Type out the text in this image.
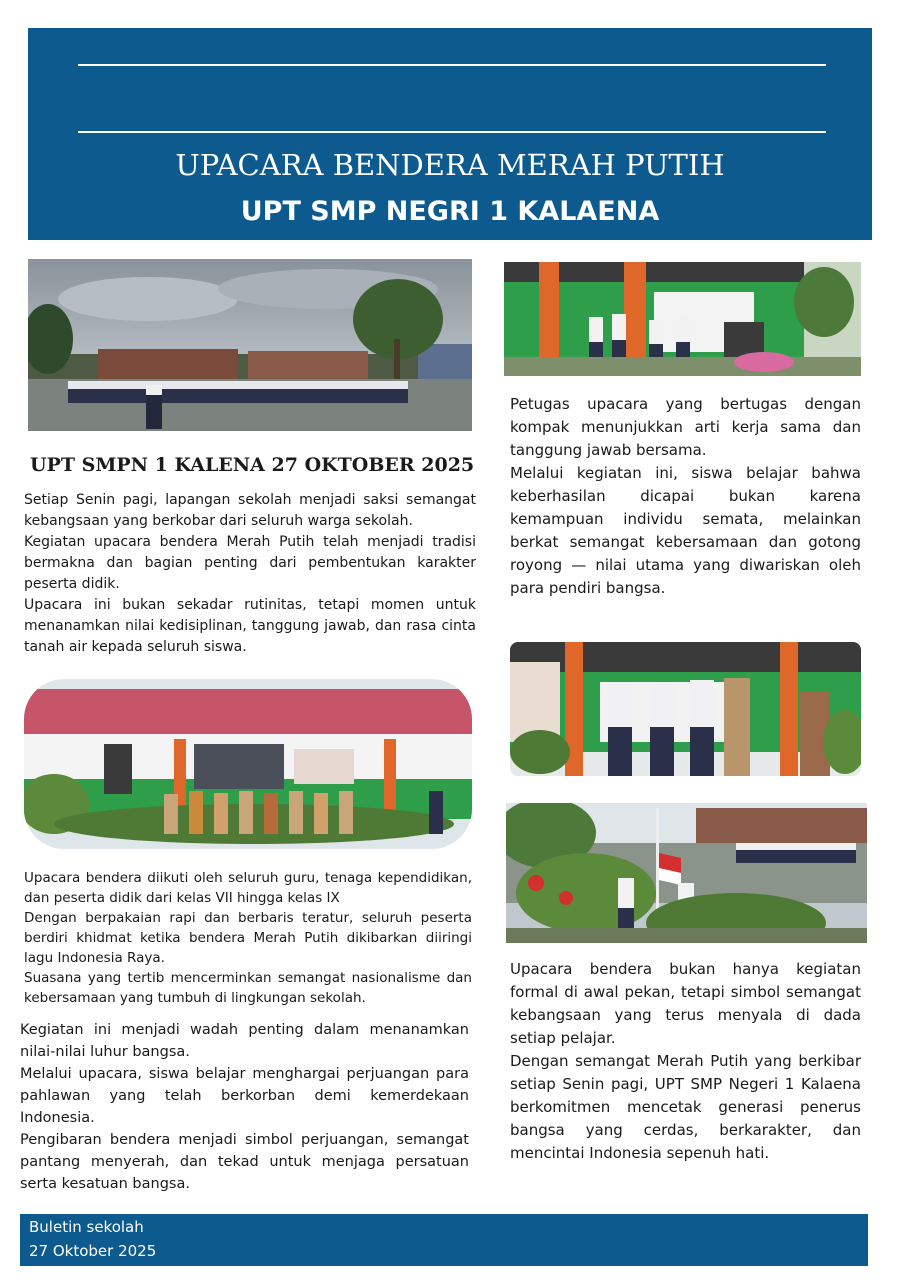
UPACARA BENDERA MERAH PUTIH
UPT SMP NEGRI 1 KALAENA

Petugas upacara yang bertugas dengan kompak menunjukkan arti kerja sama dan tanggung jawab bersama.

Melalui kegiatan ini, siswa belajar bahwa keberhasilan dicapai bukan karena kemampuan individu semata, melainkan berkat semangat kebersamaan dan gotong royong — nilai utama yang diwariskan oleh para pendiri bangsa.

UPT SMPN 1 KALENA 27 OKTOBER 2025

Setiap Senin pagi, lapangan sekolah menjadi saksi semangat kebangsaan yang berkobar dari seluruh warga sekolah.

Kegiatan upacara bendera Merah Putih telah menjadi tradisi bermakna dan bagian penting dari pembentukan karakter peserta didik.

Upacara ini bukan sekadar rutinitas, tetapi momen untuk menanamkan nilai kedisiplinan, tanggung jawab, dan rasa cinta tanah air kepada seluruh siswa.

Upacara bendera diikuti oleh seluruh guru, tenaga kependidikan, dan peserta didik dari kelas VII hingga kelas IX

Dengan berpakaian rapi dan berbaris teratur, seluruh peserta berdiri khidmat ketika bendera Merah Putih dikibarkan diiringi lagu Indonesia Raya.

Suasana yang tertib mencerminkan semangat nasionalisme dan kebersamaan yang tumbuh di lingkungan sekolah.

Upacara bendera bukan hanya kegiatan formal di awal pekan, tetapi simbol semangat kebangsaan yang terus menyala di dada setiap pelajar.

Dengan semangat Merah Putih yang berkibar setiap Senin pagi, UPT SMP Negeri 1 Kalaena berkomitmen mencetak generasi penerus bangsa yang cerdas, berkarakter, dan mencintai Indonesia sepenuh hati.

Kegiatan ini menjadi wadah penting dalam menanamkan nilai-nilai luhur bangsa.

Melalui upacara, siswa belajar menghargai perjuangan para pahlawan yang telah berkorban demi kemerdekaan Indonesia.

Pengibaran bendera menjadi simbol perjuangan, semangat pantang menyerah, dan tekad untuk menjaga persatuan serta kesatuan bangsa.

Buletin sekolah
27 Oktober 2025
